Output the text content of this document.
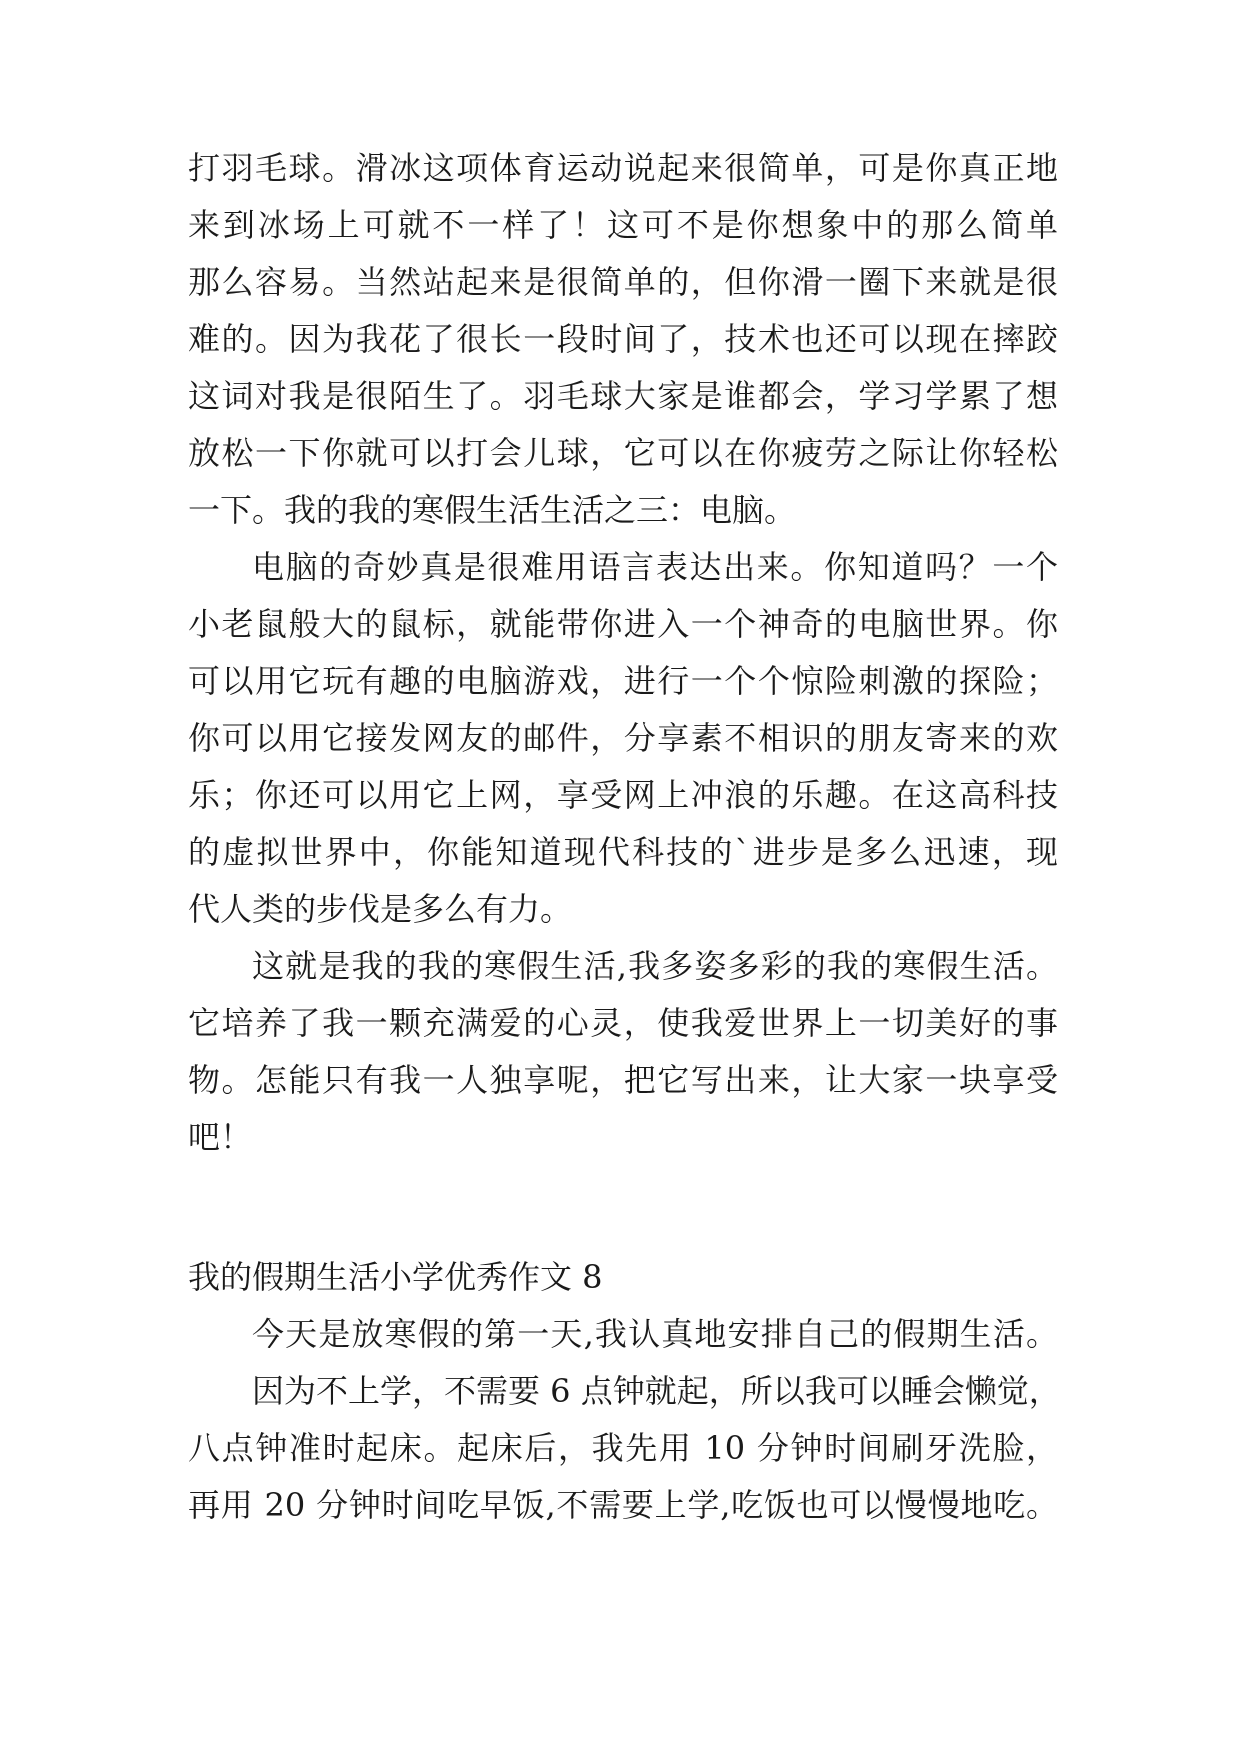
打羽毛球。滑冰这项体育运动说起来很简单，可是你真正地
来到冰场上可就不一样了！这可不是你想象中的那么简单
那么容易。当然站起来是很简单的，但你滑一圈下来就是很
难的。因为我花了很长一段时间了，技术也还可以现在摔跤
这词对我是很陌生了。羽毛球大家是谁都会，学习学累了想
放松一下你就可以打会儿球，它可以在你疲劳之际让你轻松
一下。我的我的寒假生活生活之三：电脑。
电脑的奇妙真是很难用语言表达出来。你知道吗？一个
小老鼠般大的鼠标，就能带你进入一个神奇的电脑世界。你
可以用它玩有趣的电脑游戏，进行一个个惊险刺激的探险；
你可以用它接发网友的邮件，分享素不相识的朋友寄来的欢
乐；你还可以用它上网，享受网上冲浪的乐趣。在这高科技
的虚拟世界中，你能知道现代科技的`进步是多么迅速，现
代人类的步伐是多么有力。
这就是我的我的寒假生活,我多姿多彩的我的寒假生活。
它培养了我一颗充满爱的心灵，使我爱世界上一切美好的事
物。怎能只有我一人独享呢，把它写出来，让大家一块享受
吧！
我的假期生活小学优秀作文 8
今天是放寒假的第一天,我认真地安排自己的假期生活。
因为不上学，不需要 6 点钟就起，所以我可以睡会懒觉，
八点钟准时起床。起床后，我先用 10 分钟时间刷牙洗脸，
再用 20 分钟时间吃早饭,不需要上学,吃饭也可以慢慢地吃。
